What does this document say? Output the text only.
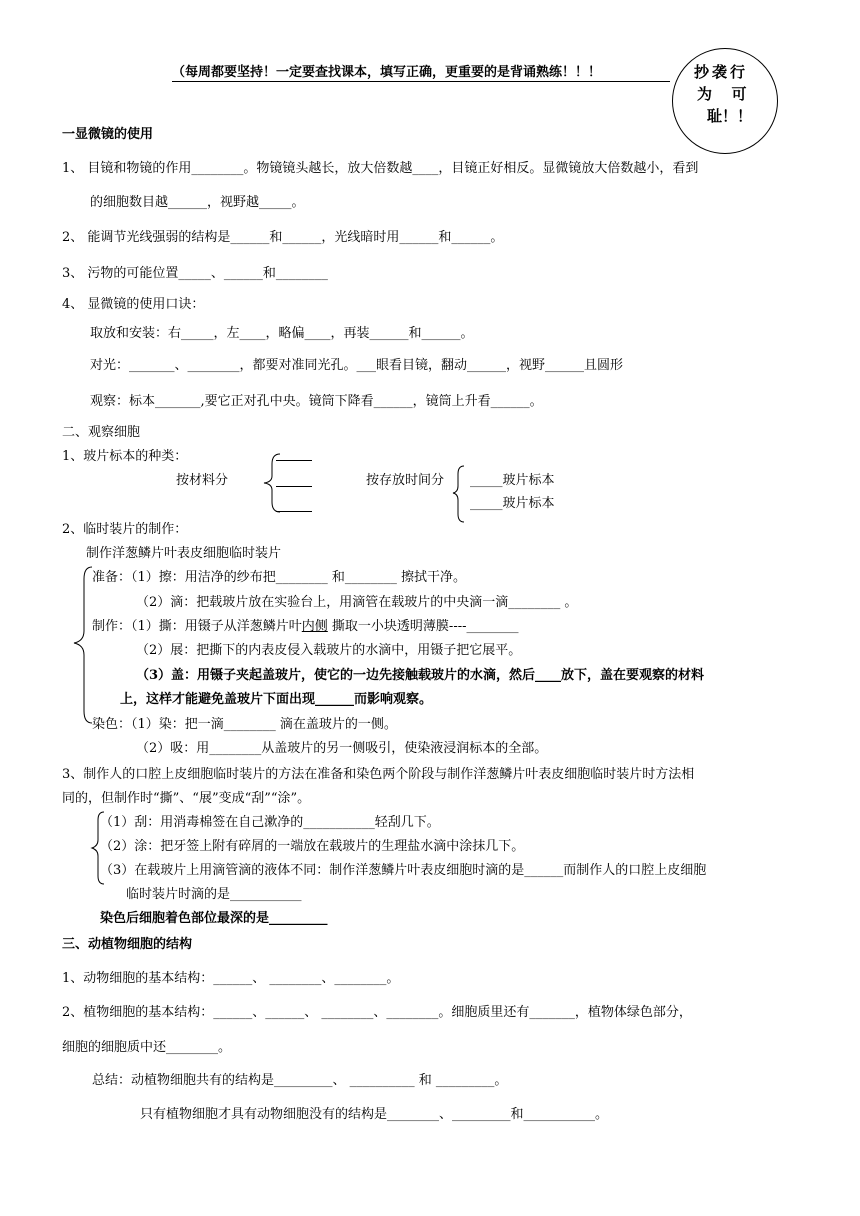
（每周都要坚持！一定要查找课本，填写正确，更重要的是背诵熟练！！！	抄袭行
为  可
耻！！
一显微镜的使用
1、 目镜和物镜的作用________。物镜镜头越长，放大倍数越____，目镜正好相反。显微镜放大倍数越小，看到
的细胞数目越______，视野越_____。
2、 能调节光线强弱的结构是______和______，光线暗时用______和______。
3、 污物的可能位置_____、______和________
4、 显微镜的使用口诀：
取放和安装：右_____，左____，略偏____，再装______和______。
对光：_______、________，都要对准同光孔。___眼看目镜，翻动______，视野______且圆形
观察：标本_______,要它正对孔中央。镜筒下降看______，镜筒上升看______。
二、观察细胞
1、玻片标本的种类：
按材料分	按存放时间分 _____玻片标本
_____玻片标本
2、临时装片的制作：
制作洋葱鳞片叶表皮细胞临时装片
准备：（1）擦：用洁净的纱布把________ 和________ 擦拭干净。
（2）滴：把载玻片放在实验台上，用滴管在载玻片的中央滴一滴________ 。
制作：（1）撕：用镊子从洋葱鳞片叶内侧 撕取一小块透明薄膜----________
（2）展：把撕下的内表皮侵入载玻片的水滴中，用镊子把它展平。
（3）盖：用镊子夹起盖玻片，使它的一边先接触载玻片的水滴，然后____放下，盖在要观察的材料
上，这样才能避免盖玻片下面出现______而影响观察。
染色：（1）染：把一滴________ 滴在盖玻片的一侧。
（2）吸：用________从盖玻片的另一侧吸引，使染液浸润标本的全部。
3、制作人的口腔上皮细胞临时装片的方法在准备和染色两个阶段与制作洋葱鳞片叶表皮细胞临时装片时方法相
同的，但制作时“撕”、“展”变成“刮”“涂”。
（1）刮：用消毒棉签在自己漱净的___________轻刮几下。
（2）涂：把牙签上附有碎屑的一端放在载玻片的生理盐水滴中涂抹几下。
（3）在载玻片上用滴管滴的液体不同：制作洋葱鳞片叶表皮细胞时滴的是______而制作人的口腔上皮细胞
临时装片时滴的是___________
染色后细胞着色部位最深的是_________
三、动植物细胞的结构
1、动物细胞的基本结构：______、 ________、________。
2、植物细胞的基本结构：______、______、 ________、________。细胞质里还有_______，植物体绿色部分，
细胞的细胞质中还________。
总结：动植物细胞共有的结构是_________、 __________ 和 _________。
只有植物细胞才具有动物细胞没有的结构是________、_________和___________。
